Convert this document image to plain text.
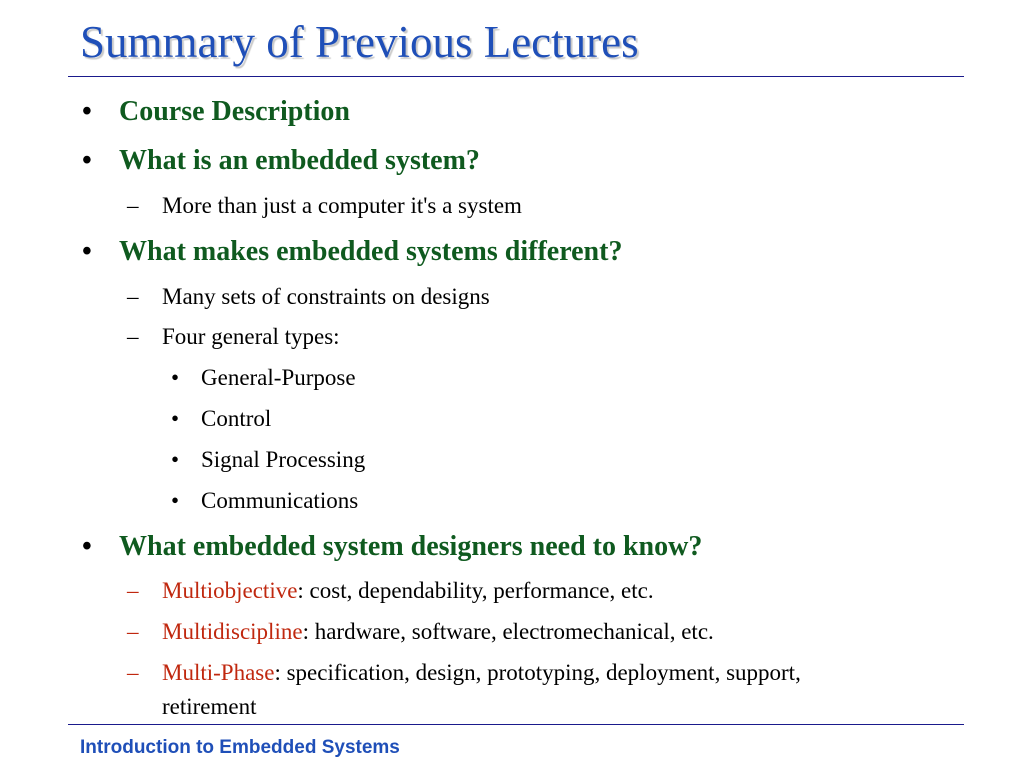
Summary of Previous Lectures
• Course Description
• What is an embedded system?
– More than just a computer it's a system
• What makes embedded systems different?
– Many sets of constraints on designs
– Four general types:
• General-Purpose
• Control
• Signal Processing
• Communications
• What embedded system designers need to know?
– Multiobjective: cost, dependability, performance, etc.
– Multidiscipline: hardware, software, electromechanical, etc.
– Multi-Phase: specification, design, prototyping, deployment, support,
retirement
Introduction to Embedded Systems
